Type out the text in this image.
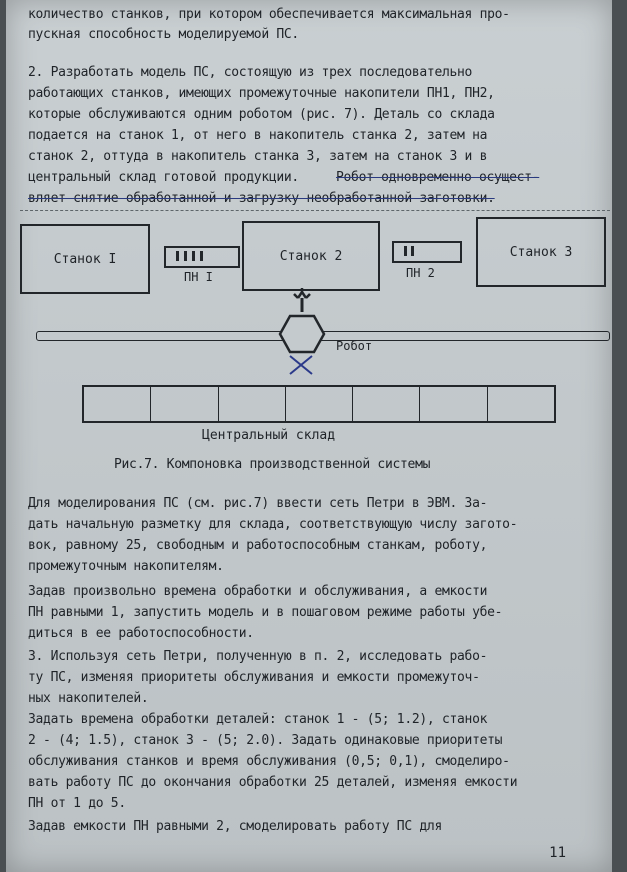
количество станков, при котором обеспечивается максимальная про-
пускная способность моделируемой ПС.
2. Разработать модель ПС, состоящую из трех последовательно
работающих станков, имеющих промежуточные накопители ПН1, ПН2,
которые обслуживаются одним роботом (рис. 7). Деталь со склада
подается на станок 1, от него в накопитель станка 2, затем на
станок 2, оттуда в накопитель станка 3, затем на станок 3 и в
центральный склад готовой продукции.	Робот одновременно осущест-
вляет снятие обработанной и загрузку необработанной заготовки.
Станок I	Станок 2	Станок 3
ПН I	ПН 2
Робот
Центральный склад
Рис.7. Компоновка производственной системы
Для моделирования ПС (см. рис.7) ввести сеть Петри в ЭВМ. За-
дать начальную разметку для склада, соответствующую числу загото-
вок, равному 25, свободным и работоспособным станкам, роботу,
промежуточным накопителям.
Задав произвольно времена обработки и обслуживания, а емкости
ПН равными 1, запустить модель и в пошаговом режиме работы убе-
диться в ее работоспособности.
3. Используя сеть Петри, полученную в п. 2, исследовать рабо-
ту ПС, изменяя приоритеты обслуживания и емкости промежуточ-
ных накопителей.
Задать времена обработки деталей: станок 1 - (5; 1.2), станок
2 - (4; 1.5), станок 3 - (5; 2.0). Задать одинаковые приоритеты
обслуживания станков и время обслуживания (0,5; 0,1), смоделиро-
вать работу ПС до окончания обработки 25 деталей, изменяя емкости
ПН от 1 до 5.
Задав емкости ПН равными 2, смоделировать работу ПС для
11
